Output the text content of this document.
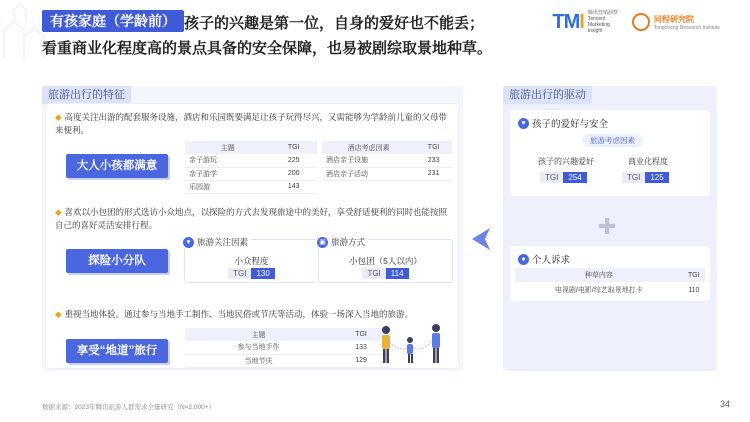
有孩家庭（学龄前） 孩子的兴趣是第一位，自身的爱好也不能丢；
看重商业化程度高的景点具备的安全保障，也易被剧综取景地种草。
TMI 腾讯营销洞察 Tencent Marketing Insight
同程研究院
Tongcheng Research Institute
旅游出行的特征
◆ 高度关注出游的配套服务设施，酒店和乐园既要满足让孩子玩得尽兴，又需能够为学龄前儿童的父母带来便利。
大人小孩都满意
主题	TGI
亲子游玩	225
亲子游学	200
乐园游	143
酒店考虑因素	TGI
酒店亲子设施	233
酒店亲子活动	231
◆ 喜欢以小包团的形式选访小众地点，以探险的方式去发现旅途中的美好，享受舒适便利的同时也能按照自己的喜好灵活安排行程。
探险小分队
♥ 旅游关注因素
小众程度
TGI	130
▣ 旅游方式
小包团（5人以内）
TGI	114
◆ 重视当地体验。通过参与当地手工制作、当地民俗或节庆等活动，体验一场深入当地的旅游。
享受“地道”旅行
主题	TGI
参与当地手作	133
当地节庆	129
旅游出行的驱动
♥ 孩子的爱好与安全
旅游考虑因素
孩子的兴趣爱好
TGI	254
商业化程度
TGI	125
✚
● 个人诉求
种草内容	TGI
电视剧/电影/综艺取景地打卡	110
数据来源：2023年腾讯旅游人群需求全量研究（N=2,000+）	34
